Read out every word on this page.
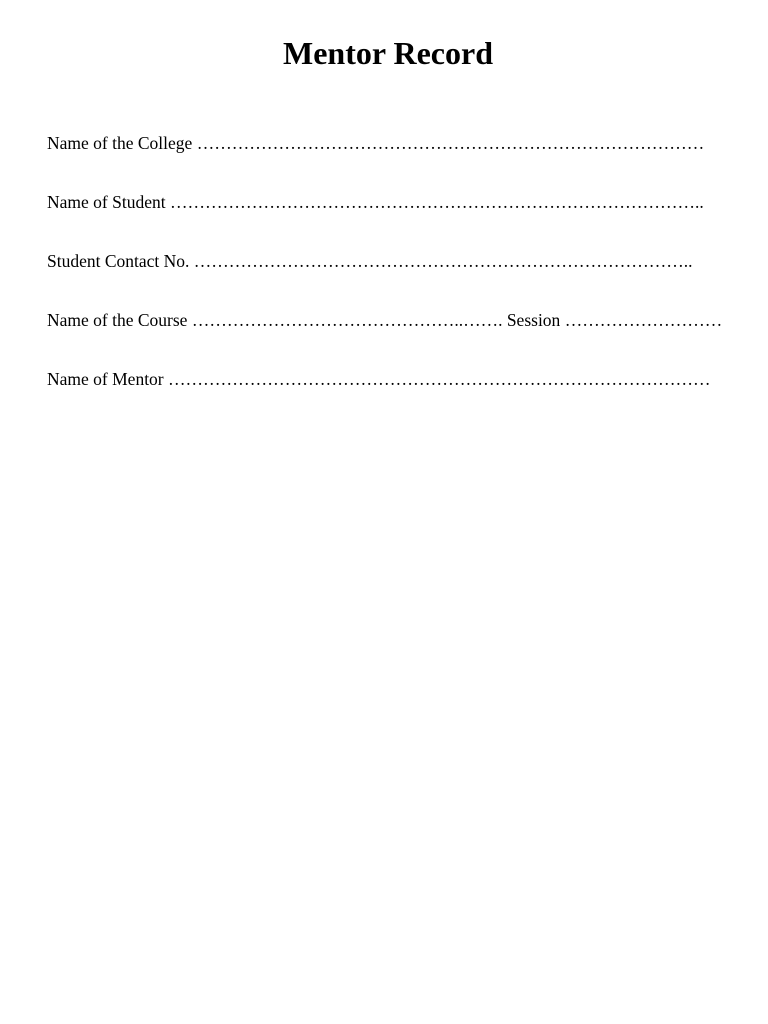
Mentor Record
Name of the College ……………………………………………………………………………
Name of Student ………………………………………………………………………………..
Student Contact No. …………………………………………………………………………..
Name of the Course ………………………………………..……. Session ………………………
Name of Mentor …………………………………………………………………………………
